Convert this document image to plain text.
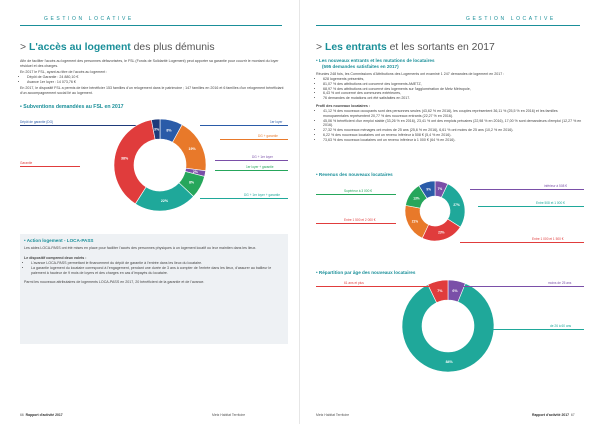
GESTION LOCATIVE
> L'accès au logement des plus démunis
Afin de faciliter l'accès au logement des personnes défavorisées, le FSL (Fonds de Solidarité Logement) peut apporter sa garantie pour couvrir le montant du loyer résiduel et des charges.
En 2017 le FSL, ayant au titre de l'accès au logement :
• Dépôt de Garantie : 24 880,10 €
• Avance 1er loyer : 14 073,76 €
En 2017, le dispositif FSL a permis de faire bénéficier 153 familles d'un relogement dans le patrimoine ; 147 familles en 2016 et 6 familles d'un relogement bénéficiant d'un accompagnement social lié au logement.
• Subventions demandées au FSL en 2017
Dépôt de garantie (DG)
Garantie
1er loyer
DG + garantie
DG + 1er loyer
1er loyer + garantie
DG + 1er loyer + garantie
8%
19%
2%
8%
22%
38%
3%
• Action logement - LOCA-PASS
Les aides LOCA-PASS ont été mises en place pour faciliter l'accès des personnes physiques à un logement locatif ou leur maintien dans les lieux.
Le dispositif comprend deux volets :
• L'avance LOCA-PASS permettant le financement du dépôt de garantie à l'entrée dans les lieux du locataire.
• La garantie logement du locataire correspond à l'engagement, pendant une durée de 3 ans à compter de l'entrée dans les lieux, d'assurer au bailleur le paiement à hauteur de 9 mois de loyers et des charges en cas d'impayés du locataire.
Parmi les nouveaux attributaires de logements LOCA-PASS en 2017, 20 bénéficient de la garantie et de l'avance.
66 Rapport d'activité 2017	Metz Habitat Territoire
GESTION LOCATIVE
> Les entrants et les sortants en 2017
• Les nouveaux entrants et les mutations de locataires
(595 demandes satisfaites en 2017)
Réunies 248 fois, les Commissions d'Attributions des Logements ont examiné 1 247 demandes de logement en 2017 :
• 628 logements présentés,
• 81,07 % des attributions ont concerné des logements AMETZ,
• 68,97 % des attributions ont concerné des logements sur l'agglomération de Metz Métropole,
• 6,43 % ont concerné des communes extérieures,
• 76 demandes de mutations ont été satisfaites en 2017.
Profil des nouveaux locataires :
• 41,12 % des nouveaux occupants sont des personnes seules (43,62 % en 2016), les couples représentent 36,11 % (25,5 % en 2016) et les familles monoparentales représentent 20,77 % des nouveaux entrants (22,27 % en 2016).
• 45,06 % bénéficient d'un emploi stable (33,26 % en 2016), 23,41 % ont des emplois précaires (22,98 % en 2016), 17,00 % sont demandeurs d'emploi (12,27 % en 2016).
• 27,32 % des nouveaux ménages ont moins de 25 ans (25,6 % en 2016), 6,61 % ont moins de 25 ans (10,2 % en 2016).
• 6,22 % des nouveaux locataires ont un revenu inférieur à 508 € (5,4 % en 2016).
• 73,63 % des nouveaux locataires ont un revenu inférieur à 1 000 € (64 % en 2016).
• Revenus des nouveaux locataires
7%
27%
23%
21%
13%
9%
Supérieur à 3 000 €
Entre 1 500 et 2 000 €
inférieur à 508 €
Entre 508 et 1 000 €
Entre 1 000 et 1 500 €
• Répartition par âge des nouveaux locataires
6%
84%
7%
61 ans et plus	moins de 25 ans
de 26 à 60 ans
Metz Habitat Territoire	Rapport d'activité 2017 67
